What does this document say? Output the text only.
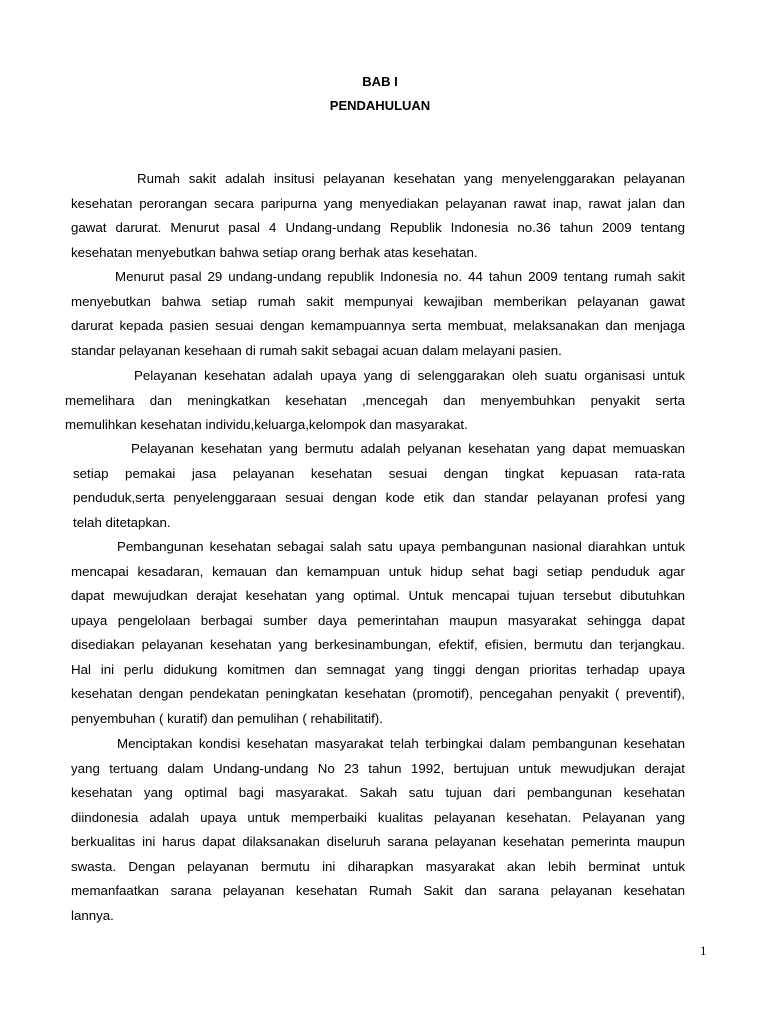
BAB I
PENDAHULUAN
Rumah sakit adalah insitusi pelayanan kesehatan yang menyelenggarakan pelayanan
kesehatan perorangan secara paripurna yang menyediakan pelayanan rawat inap, rawat jalan dan
gawat darurat. Menurut pasal 4 Undang-undang Republik Indonesia no.36 tahun 2009 tentang
kesehatan menyebutkan bahwa setiap orang berhak atas kesehatan.
Menurut pasal 29 undang-undang republik Indonesia no. 44 tahun 2009 tentang rumah sakit
menyebutkan bahwa setiap rumah sakit mempunyai kewajiban memberikan pelayanan gawat
darurat kepada pasien sesuai dengan kemampuannya serta membuat, melaksanakan dan menjaga
standar pelayanan kesehaan di rumah sakit sebagai acuan dalam melayani pasien.
Pelayanan kesehatan adalah upaya yang di selenggarakan oleh suatu organisasi untuk
memelihara dan meningkatkan kesehatan ,mencegah dan menyembuhkan penyakit serta
memulihkan kesehatan individu,keluarga,kelompok dan masyarakat.
Pelayanan kesehatan yang bermutu adalah pelyanan kesehatan yang dapat memuaskan
setiap pemakai jasa pelayanan kesehatan sesuai dengan tingkat kepuasan rata-rata
penduduk,serta penyelenggaraan sesuai dengan kode etik dan standar pelayanan profesi yang
telah ditetapkan.
Pembangunan kesehatan sebagai salah satu upaya pembangunan nasional diarahkan untuk
mencapai kesadaran, kemauan dan kemampuan untuk hidup sehat bagi setiap penduduk agar
dapat mewujudkan derajat kesehatan yang optimal. Untuk mencapai tujuan tersebut dibutuhkan
upaya pengelolaan berbagai sumber daya pemerintahan maupun masyarakat sehingga dapat
disediakan pelayanan kesehatan yang berkesinambungan, efektif, efisien, bermutu dan terjangkau.
Hal ini perlu didukung komitmen dan semnagat yang tinggi dengan prioritas terhadap upaya
kesehatan dengan pendekatan peningkatan kesehatan (promotif), pencegahan penyakit ( preventif),
penyembuhan ( kuratif) dan pemulihan ( rehabilitatif).
Menciptakan kondisi kesehatan masyarakat telah terbingkai dalam pembangunan kesehatan
yang tertuang dalam Undang-undang No 23 tahun 1992, bertujuan untuk mewudjukan derajat
kesehatan yang optimal bagi masyarakat. Sakah satu tujuan dari pembangunan kesehatan
diindonesia adalah upaya untuk memperbaiki kualitas pelayanan kesehatan. Pelayanan yang
berkualitas ini harus dapat dilaksanakan diseluruh sarana pelayanan kesehatan pemerinta maupun
swasta. Dengan pelayanan bermutu ini diharapkan masyarakat akan lebih berminat untuk
memanfaatkan sarana pelayanan kesehatan Rumah Sakit dan sarana pelayanan kesehatan
lannya.
1
